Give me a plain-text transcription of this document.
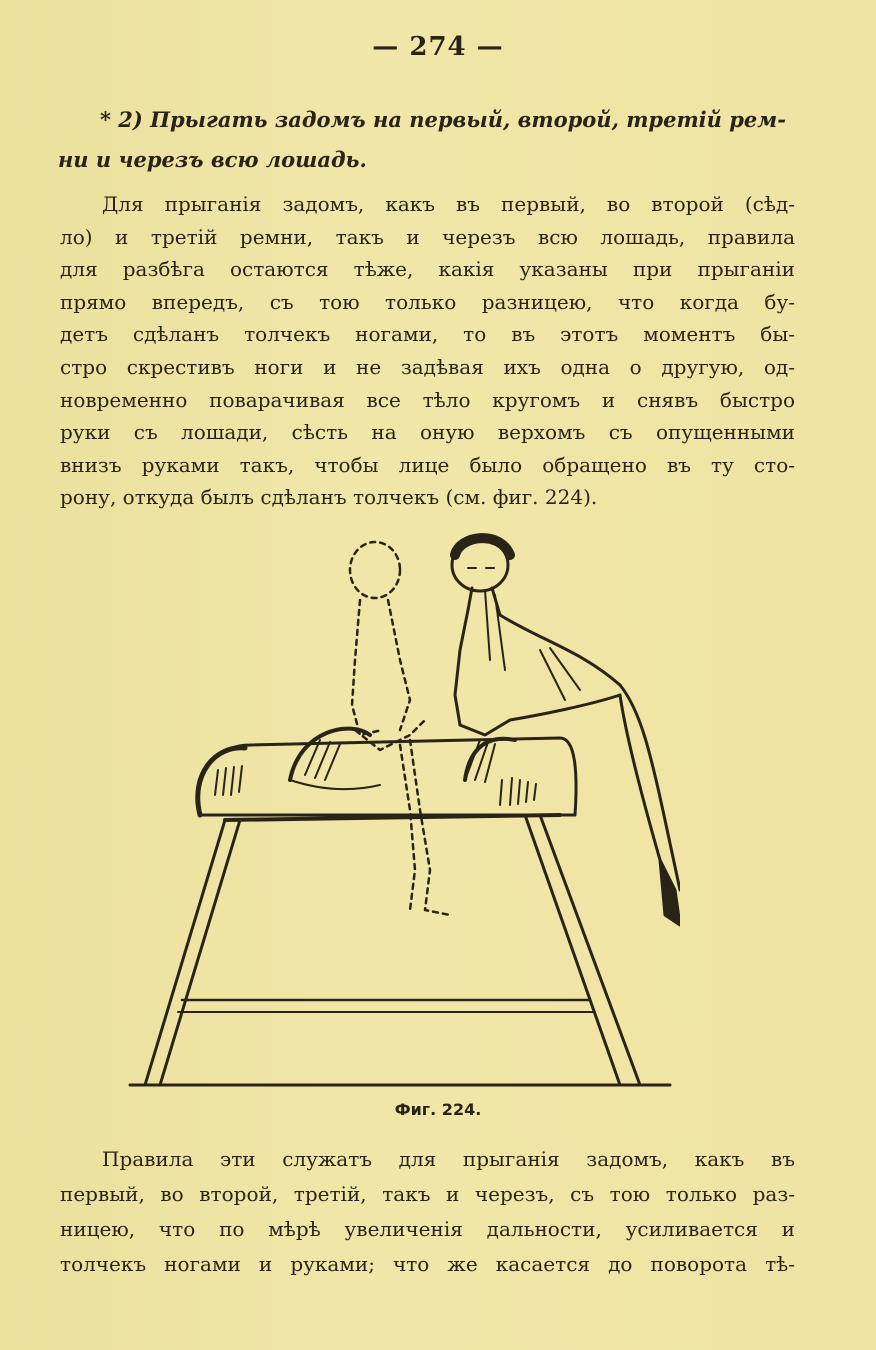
— 274 —
* 2) Прыгать задомъ на первый, второй, третій рем-
ни и черезъ всю лошадь.
Для прыганія задомъ, какъ въ первый, во второй (сѣд-
ло) и третій ремни, такъ и черезъ всю лошадь, правила
для разбѣга остаются тѣже, какія указаны при прыганіи
прямо впередъ, съ тою только разницею, что когда бу-
детъ сдѣланъ толчекъ ногами, то въ этотъ моментъ бы-
стро скрестивъ ноги и не задѣвая ихъ одна о другую, од-
новременно поварачивая все тѣло кругомъ и снявъ быстро
руки съ лошади, сѣсть на оную верхомъ съ опущенными
внизъ руками такъ, чтобы лице было обращено въ ту сто-
рону, откуда былъ сдѣланъ толчекъ (см. фиг. 224).
Фиг. 224.
Правила эти служатъ для прыганія задомъ, какъ въ
первый, во второй, третій, такъ и черезъ, съ тою только раз-
ницею, что по мѣрѣ увеличенія дальности, усиливается и
толчекъ ногами и руками; что же касается до поворота тѣ-
